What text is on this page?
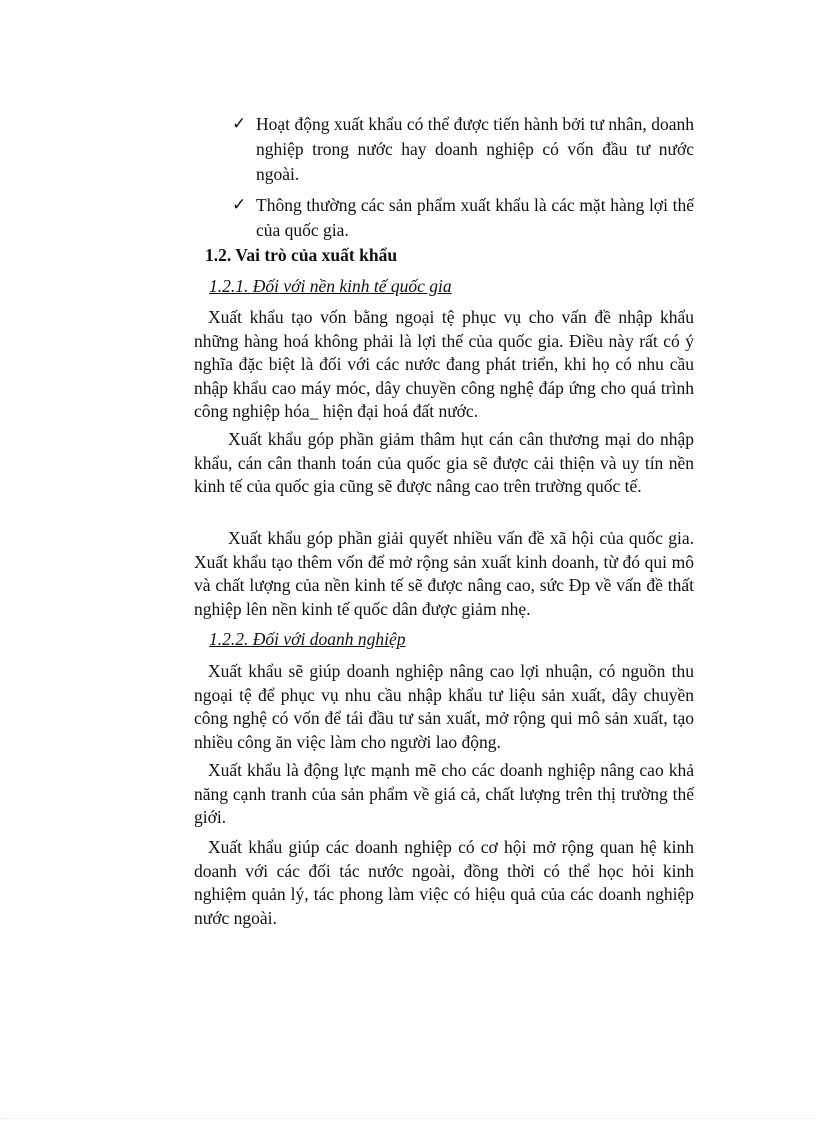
✓ Hoạt động xuất khẩu có thể được tiến hành bởi tư nhân, doanh nghiệp trong nước hay doanh nghiệp có vốn đầu tư nước ngoài.
✓ Thông thường các sản phẩm xuất khẩu là các mặt hàng lợi thế của quốc gia.
1.2. Vai trò của xuất khẩu
1.2.1. Đối với nền kinh tế quốc gia

Xuất khẩu tạo vốn bằng ngoại tệ phục vụ cho vấn đề nhập khẩu những hàng hoá không phải là lợi thế của quốc gia. Điều này rất có ý nghĩa đặc biệt là đối với các nước đang phát triển, khi họ có nhu cầu nhập khẩu cao máy móc, dây chuyền công nghệ đáp ứng cho quá trình công nghiệp hóa_ hiện đại hoá đất nước.

Xuất khẩu góp phần giảm thâm hụt cán cân thương mại do nhập khẩu, cán cân thanh toán của quốc gia sẽ được cải thiện và uy tín nền kinh tế của quốc gia cũng sẽ được nâng cao trên trường quốc tế.

Xuất khẩu góp phần giải quyết nhiều vấn đề xã hội của quốc gia. Xuất khẩu tạo thêm vốn để mở rộng sản xuất kinh doanh, từ đó qui mô và chất lượng của nền kinh tế sẽ được nâng cao, sức Ðp về vấn đề thất nghiệp lên nền kinh tế quốc dân được giảm nhẹ.

1.2.2. Đối với doanh nghiệp

Xuất khẩu sẽ giúp doanh nghiệp nâng cao lợi nhuận, có nguồn thu ngoại tệ để phục vụ nhu cầu nhập khẩu tư liệu sản xuất, dây chuyền công nghệ có vốn để tái đầu tư sản xuất, mở rộng qui mô sản xuất, tạo nhiều công ăn việc làm cho người lao động.

Xuất khẩu là động lực mạnh mẽ cho các doanh nghiệp nâng cao khả năng cạnh tranh của sản phẩm về giá cả, chất lượng trên thị trường thế giới.

Xuất khẩu giúp các doanh nghiệp có cơ hội mở rộng quan hệ kinh doanh với các đối tác nước ngoài, đồng thời có thể học hỏi kinh nghiệm quản lý, tác phong làm việc có hiệu quả của các doanh nghiệp nước ngoài.
